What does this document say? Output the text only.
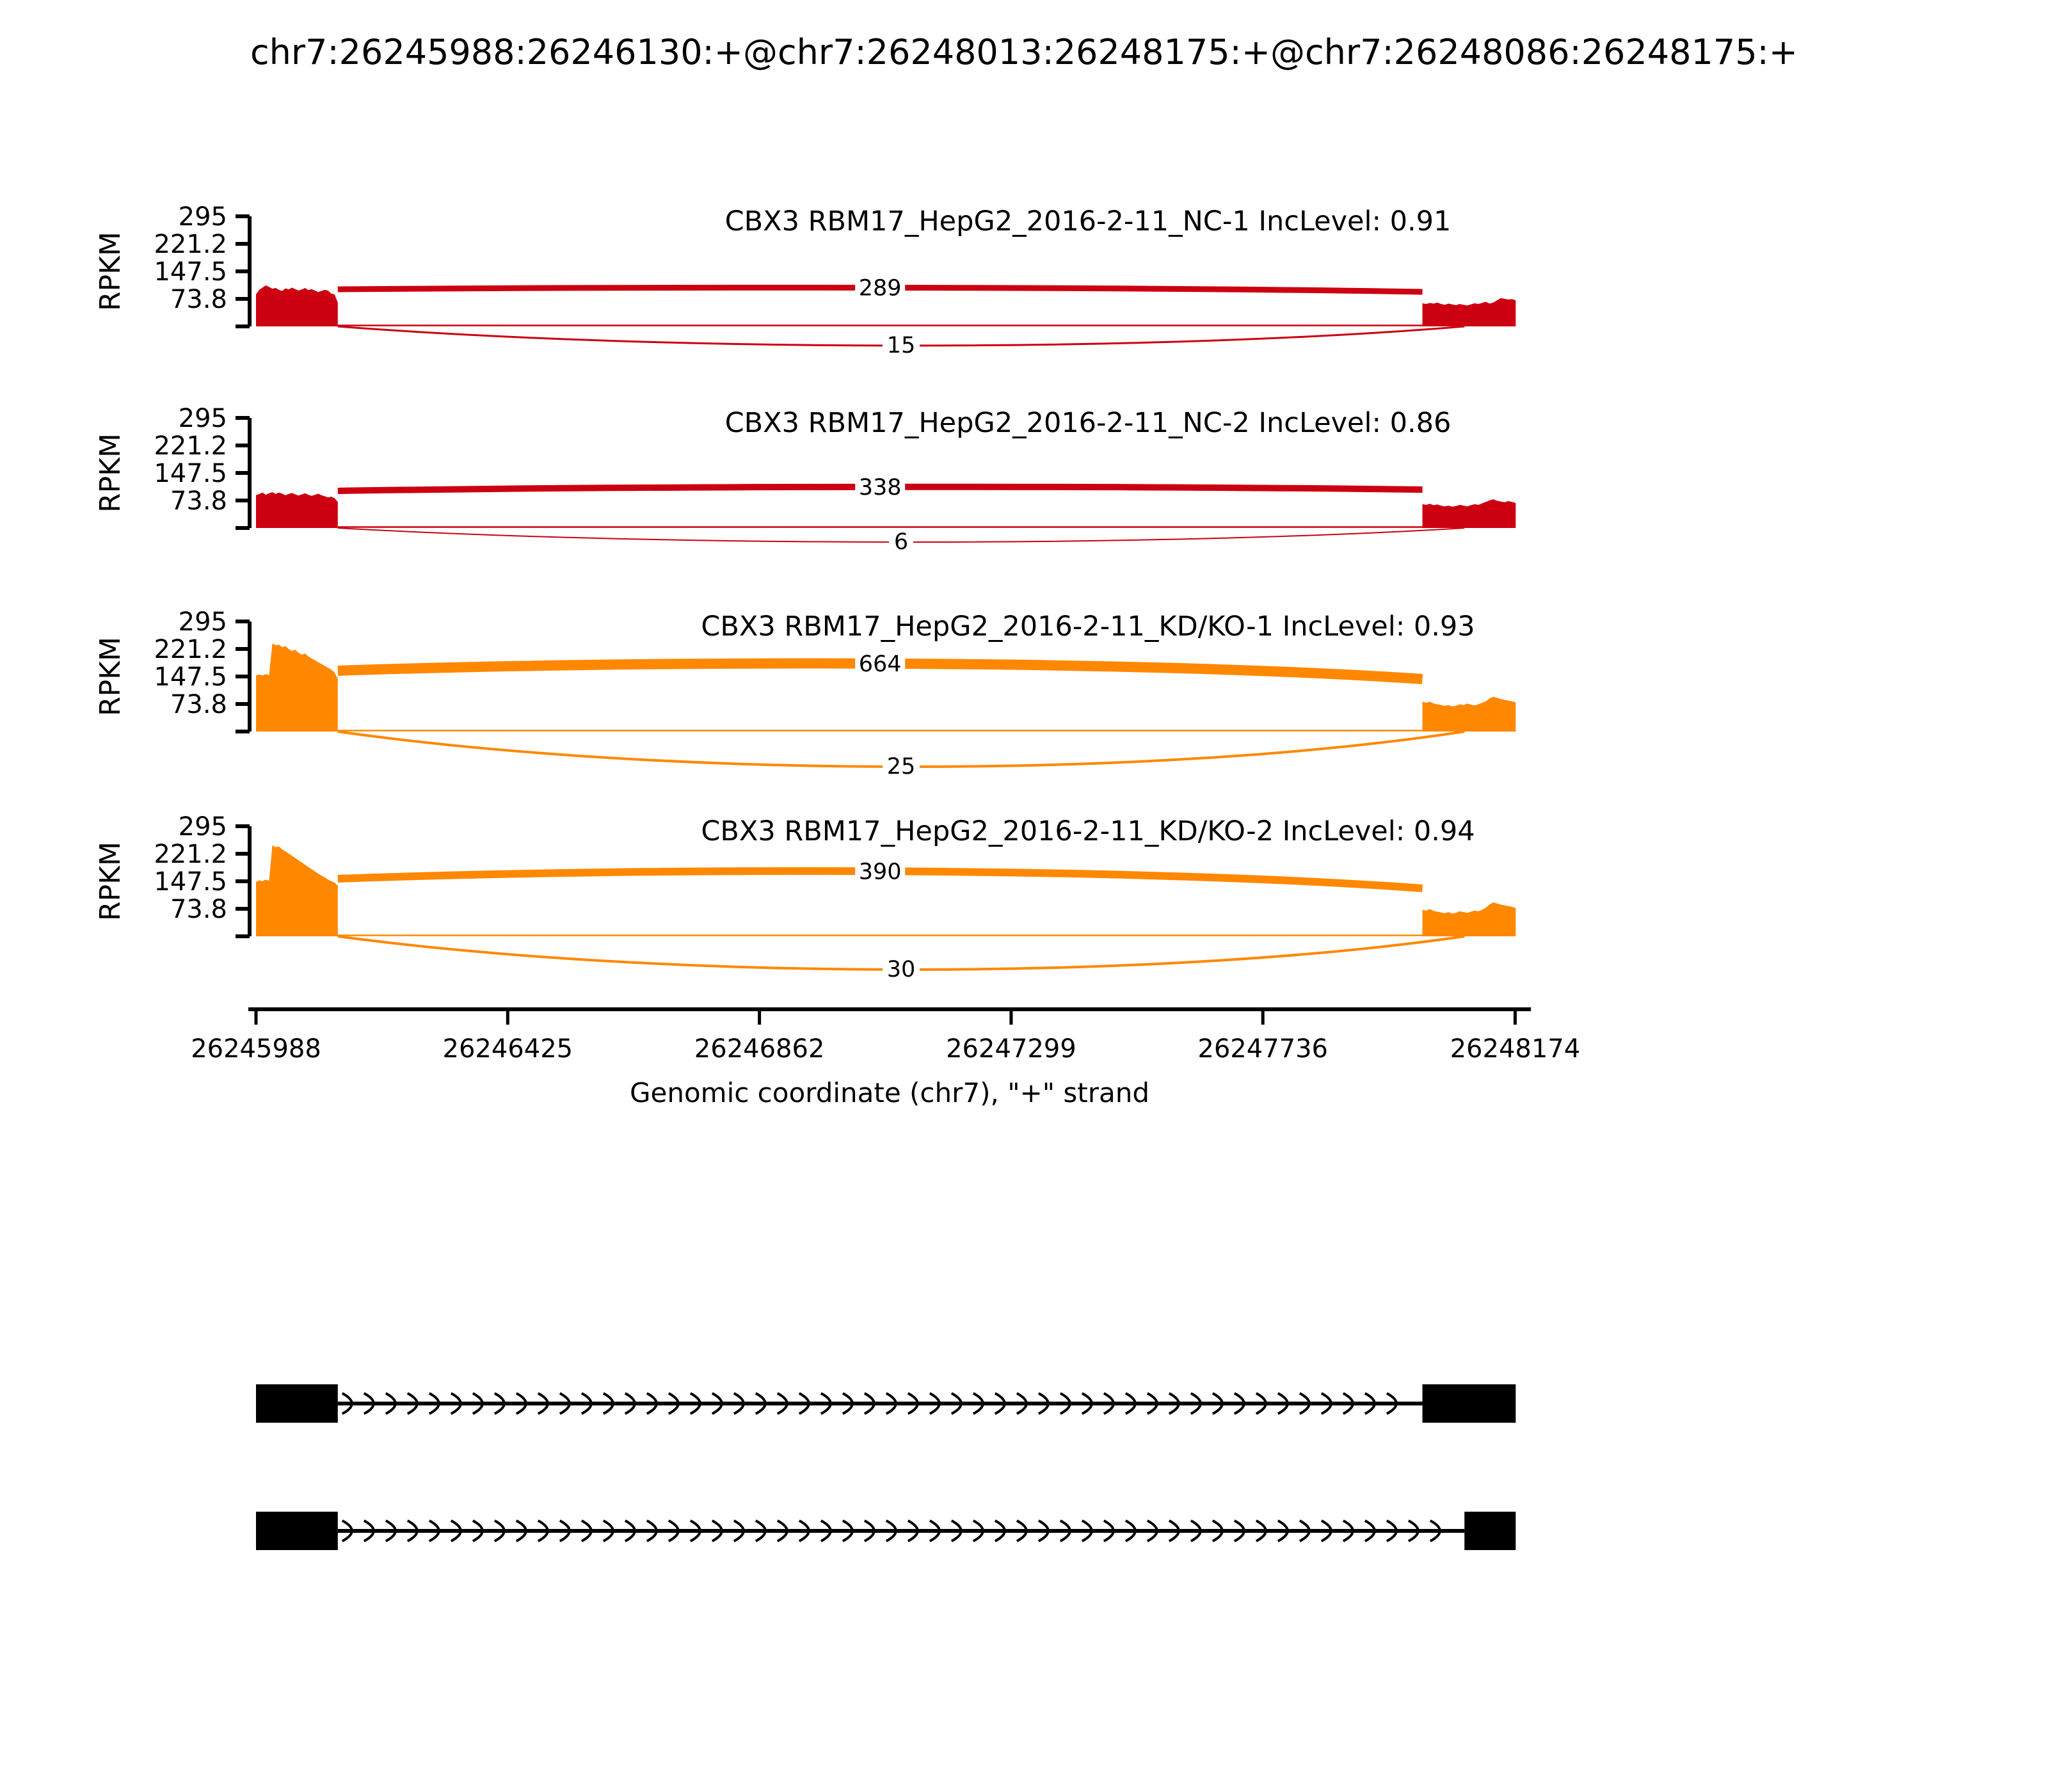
chr7:26245988:26246130:+@chr7:26248013:26248175:+@chr7:26248086:26248175:+
295
221.2
147.5
73.8
RPKM
CBX3 RBM17_HepG2_2016-2-11_NC-1 IncLevel: 0.91
289
15
295
221.2
147.5
73.8
RPKM
CBX3 RBM17_HepG2_2016-2-11_NC-2 IncLevel: 0.86
338
6
295
221.2
147.5
73.8
RPKM
CBX3 RBM17_HepG2_2016-2-11_KD/KO-1 IncLevel: 0.93
664
25
295
221.2
147.5
73.8
RPKM
CBX3 RBM17_HepG2_2016-2-11_KD/KO-2 IncLevel: 0.94
390
30
Genomic coordinate (chr7), "+" strand
26245988	26246425	26246862	26247299	26247736	26248174
